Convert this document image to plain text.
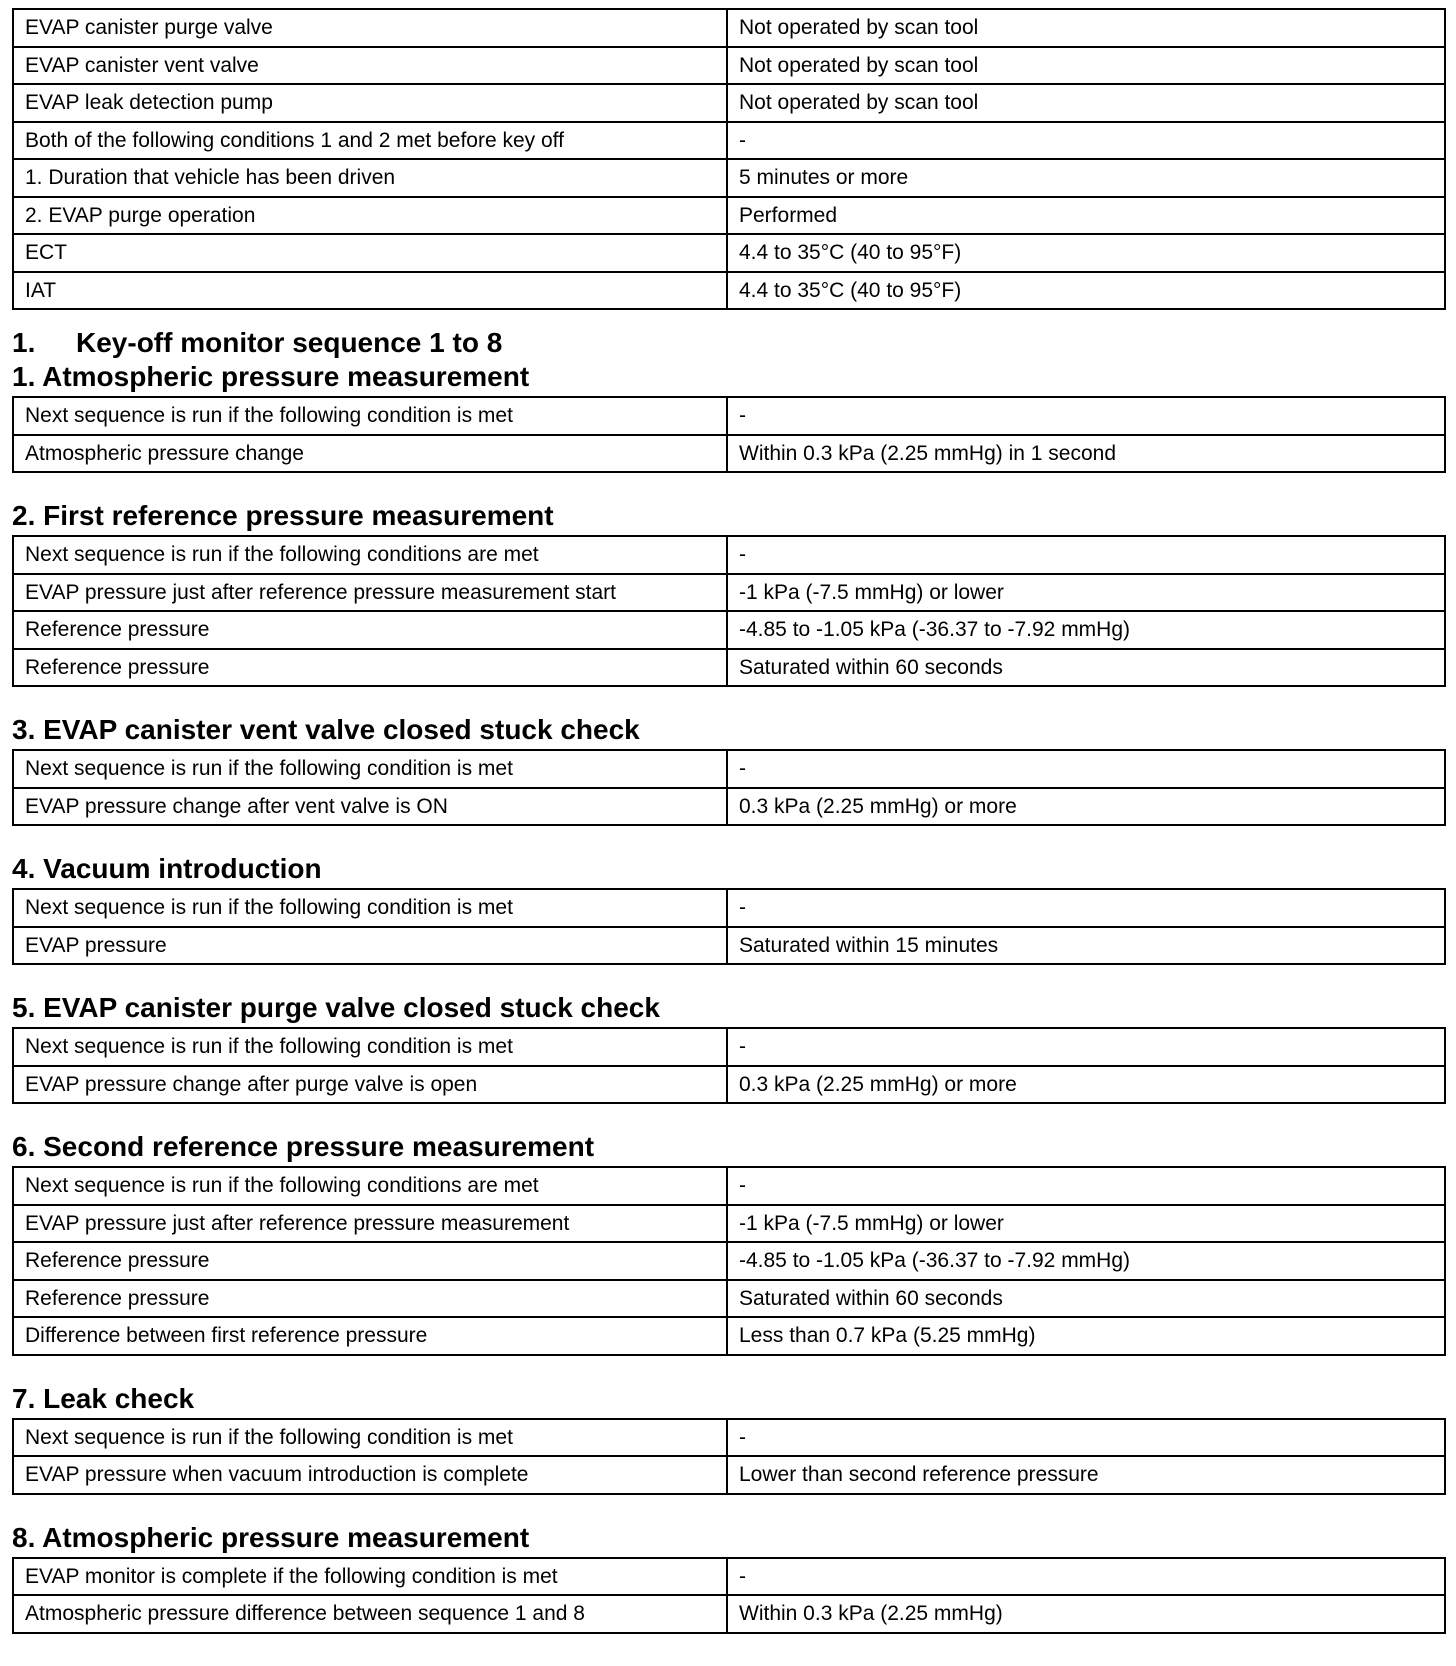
EVAP canister purge valve	Not operated by scan tool
EVAP canister vent valve	Not operated by scan tool
EVAP leak detection pump	Not operated by scan tool
Both of the following conditions 1 and 2 met before key off	-
1. Duration that vehicle has been driven	5 minutes or more
2. EVAP purge operation	Performed
ECT	4.4 to 35°C (40 to 95°F)
IAT	4.4 to 35°C (40 to 95°F)
1. Key-off monitor sequence 1 to 8
1. Atmospheric pressure measurement
Next sequence is run if the following condition is met	-
Atmospheric pressure change	Within 0.3 kPa (2.25 mmHg) in 1 second
2. First reference pressure measurement
Next sequence is run if the following conditions are met	-
EVAP pressure just after reference pressure measurement start	-1 kPa (-7.5 mmHg) or lower
Reference pressure	-4.85 to -1.05 kPa (-36.37 to -7.92 mmHg)
Reference pressure	Saturated within 60 seconds
3. EVAP canister vent valve closed stuck check
Next sequence is run if the following condition is met	-
EVAP pressure change after vent valve is ON	0.3 kPa (2.25 mmHg) or more
4. Vacuum introduction
Next sequence is run if the following condition is met	-
EVAP pressure	Saturated within 15 minutes
5. EVAP canister purge valve closed stuck check
Next sequence is run if the following condition is met	-
EVAP pressure change after purge valve is open	0.3 kPa (2.25 mmHg) or more
6. Second reference pressure measurement
Next sequence is run if the following conditions are met	-
EVAP pressure just after reference pressure measurement	-1 kPa (-7.5 mmHg) or lower
Reference pressure	-4.85 to -1.05 kPa (-36.37 to -7.92 mmHg)
Reference pressure	Saturated within 60 seconds
Difference between first reference pressure	Less than 0.7 kPa (5.25 mmHg)
7. Leak check
Next sequence is run if the following condition is met	-
EVAP pressure when vacuum introduction is complete	Lower than second reference pressure
8. Atmospheric pressure measurement
EVAP monitor is complete if the following condition is met	-
Atmospheric pressure difference between sequence 1 and 8	Within 0.3 kPa (2.25 mmHg)
